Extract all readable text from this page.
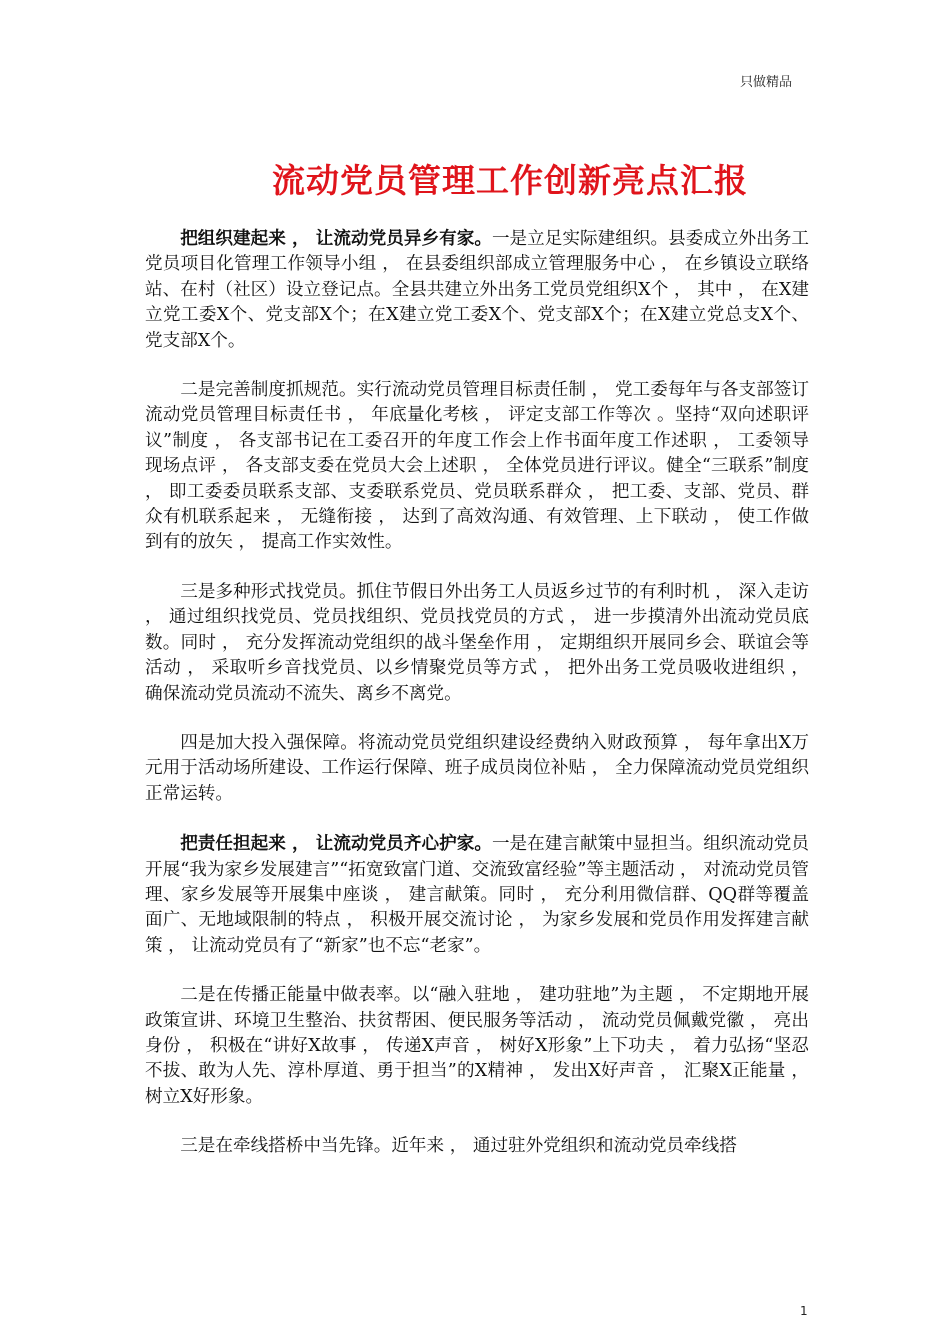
只做精品
流动党员管理工作创新亮点汇报

把组织建起来 ， 让流动党员异乡有家。一是立足实际建组织。县委成立外出务工党员项目化管理工作领导小组 ， 在县委组织部成立管理服务中心 ， 在乡镇设立联络站、在村（社区）设立登记点。全县共建立外出务工党员党组织X个 ， 其中 ， 在X建立党工委X个、党支部X个；在X建立党工委X个、党支部X个；在X建立党总支X个、党支部X个。

二是完善制度抓规范。实行流动党员管理目标责任制 ， 党工委每年与各支部签订流动党员管理目标责任书 ， 年底量化考核 ， 评定支部工作等次 。坚持“双向述职评议”制度 ， 各支部书记在工委召开的年度工作会上作书面年度工作述职 ， 工委领导现场点评 ， 各支部支委在党员大会上述职 ， 全体党员进行评议。健全“三联系”制度 ， 即工委委员联系支部、支委联系党员、党员联系群众 ， 把工委、支部、党员、群众有机联系起来 ， 无缝衔接 ， 达到了高效沟通、有效管理、上下联动 ， 使工作做到有的放矢 ， 提高工作实效性。

三是多种形式找党员。抓住节假日外出务工人员返乡过节的有利时机 ， 深入走访 ， 通过组织找党员、党员找组织、党员找党员的方式 ， 进一步摸清外出流动党员底数。同时 ， 充分发挥流动党组织的战斗堡垒作用 ， 定期组织开展同乡会、联谊会等活动 ， 采取听乡音找党员、以乡情聚党员等方式 ， 把外出务工党员吸收进组织 ， 确保流动党员流动不流失、离乡不离党。

四是加大投入强保障。将流动党员党组织建设经费纳入财政预算 ， 每年拿出X万元用于活动场所建设、工作运行保障、班子成员岗位补贴 ， 全力保障流动党员党组织正常运转。

把责任担起来 ， 让流动党员齐心护家。一是在建言献策中显担当。组织流动党员开展“我为家乡发展建言”“拓宽致富门道、交流致富经验”等主题活动 ， 对流动党员管理、家乡发展等开展集中座谈 ， 建言献策。同时 ， 充分利用微信群、QQ群等覆盖面广、无地域限制的特点 ， 积极开展交流讨论 ， 为家乡发展和党员作用发挥建言献策 ， 让流动党员有了“新家”也不忘“老家”。

二是在传播正能量中做表率。以“融入驻地 ， 建功驻地”为主题 ， 不定期地开展政策宣讲、环境卫生整治、扶贫帮困、便民服务等活动 ， 流动党员佩戴党徽 ， 亮出身份 ， 积极在“讲好X故事 ， 传递X声音 ， 树好X形象”上下功夫 ， 着力弘扬“坚忍不拔、敢为人先、淳朴厚道、勇于担当”的X精神 ， 发出X好声音 ， 汇聚X正能量 ， 树立X好形象。

三是在牵线搭桥中当先锋。近年来 ， 通过驻外党组织和流动党员牵线搭

1
